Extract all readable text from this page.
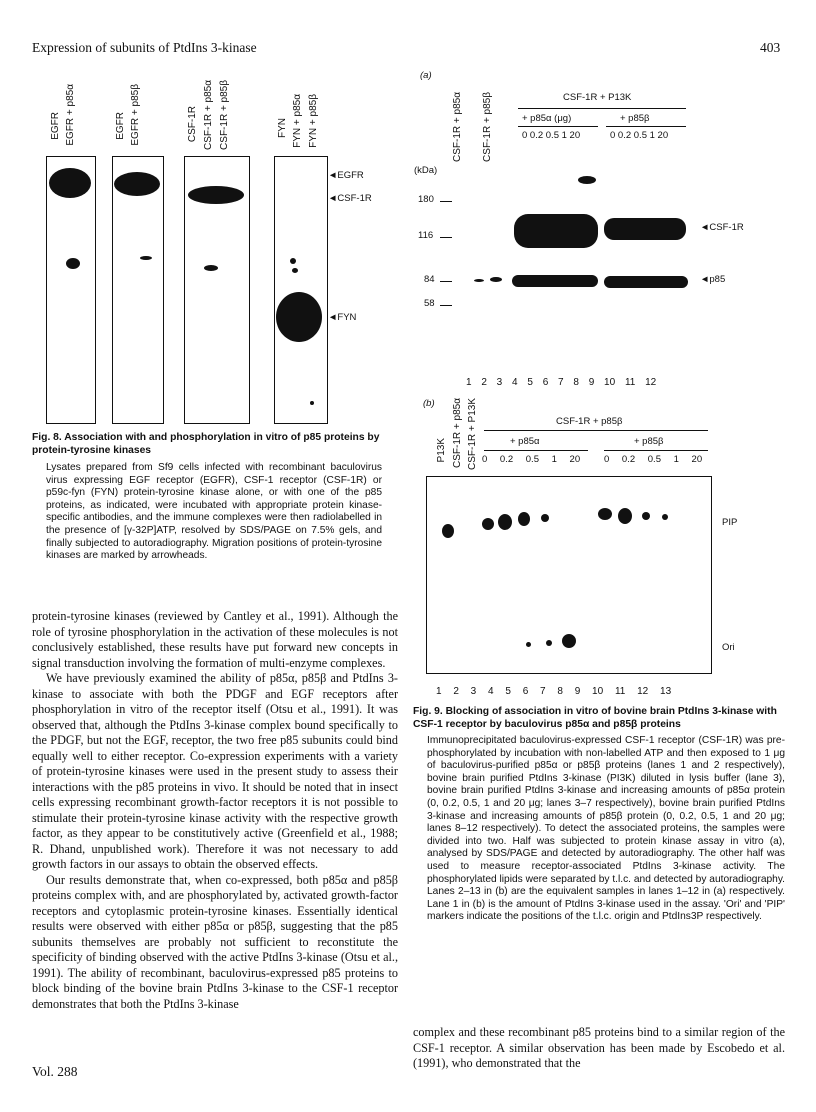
Expression of subunits of PtdIns 3-kinase	403
EGFR EGFR + p85α	EGFR EGFR + p85β	CSF-1R CSF-1R + p85α CSF-1R + p85β	FYN FYN + p85α FYN + p85β
◄EGFR
◄CSF-1R
◄FYN
Fig. 8. Association with and phosphorylation in vitro of p85 proteins by protein-tyrosine kinases
Lysates prepared from Sf9 cells infected with recombinant baculovirus virus expressing EGF receptor (EGFR), CSF-1 receptor (CSF-1R) or p59c-fyn (FYN) protein-tyrosine kinase alone, or with one of the p85 proteins, as indicated, were incubated with appropriate protein kinase-specific antibodies, and the immune complexes were then radiolabelled in the presence of [γ-32P]ATP, resolved by SDS/PAGE on 7.5% gels, and finally subjected to autoradiography. Migration positions of protein-tyrosine kinases are marked by arrowheads.

protein-tyrosine kinases (reviewed by Cantley et al., 1991). Although the role of tyrosine phosphorylation in the activation of these molecules is not conclusively established, these results have put forward new concepts in signal transduction involving the formation of multi-enzyme complexes.

We have previously examined the ability of p85α, p85β and PtdIns 3-kinase to associate with both the PDGF and EGF receptors after phosphorylation in vitro of the receptor itself (Otsu et al., 1991). It was observed that, although the PtdIns 3-kinase complex bound specifically to the PDGF, but not the EGF, receptor, the two free p85 subunits could bind equally well to either receptor. Co-expression experiments with a variety of protein-tyrosine kinases were used in the present study to assess their interactions with the p85 proteins in vivo. It should be noted that in insect cells expressing recombinant growth-factor receptors it is not possible to stimulate their protein-tyrosine kinase activity with the respective growth factor, as they appear to be constitutively active (Greenfield et al., 1988; R. Dhand, unpublished work). Therefore it was not necessary to add growth factors in our assays to obtain the observed effects.

Our results demonstrate that, when co-expressed, both p85α and p85β proteins complex with, and are phosphorylated by, activated growth-factor receptors and cytoplasmic protein-tyrosine kinases. Essentially identical results were observed with either p85α or p85β, suggesting that the p85 subunits themselves are probably not sufficient to reconstitute the specificity of binding observed with the active PtdIns 3-kinase (Otsu et al., 1991). The ability of recombinant, baculovirus-expressed p85 proteins to block binding of the bovine brain PtdIns 3-kinase to the CSF-1 receptor demonstrates that both the PtdIns 3-kinase

Vol. 288
(a)
CSF-1R + p85α CSF-1R + p85β	CSF-1R + P13K
+ p85α (μg)	+ p85β
0 0.2 0.5 1 20	0 0.2 0.5 1 20
(kDa)
180
116
84
58
◄CSF-1R
◄p85
1 2 3 4 5 6 7 8 9 10 11 12
(b)
P13K CSF-1R + p85α CSF-1R + P13K	CSF-1R + p85β
+ p85α	+ p85β
0 0.2 0.5 1 20	0 0.2 0.5 1 20
PIP
Ori
1 2 3 4 5 6 7 8 9 10 11 12 13
Fig. 9. Blocking of association in vitro of bovine brain PtdIns 3-kinase with CSF-1 receptor by baculovirus p85α and p85β proteins
Immunoprecipitated baculovirus-expressed CSF-1 receptor (CSF-1R) was pre-phosphorylated by incubation with non-labelled ATP and then exposed to 1 μg of baculovirus-purified p85α or p85β proteins (lanes 1 and 2 respectively), bovine brain purified PtdIns 3-kinase (PI3K) diluted in lysis buffer (lane 3), bovine brain purified PtdIns 3-kinase and increasing amounts of p85α protein (0, 0.2, 0.5, 1 and 20 μg; lanes 3–7 respectively), bovine brain purified PtdIns 3-kinase and increasing amounts of p85β protein (0, 0.2, 0.5, 1 and 20 μg; lanes 8–12 respectively). To detect the associated proteins, the samples were divided into two. Half was subjected to protein kinase assay in vitro (a), analysed by SDS/PAGE and detected by autoradiography. The other half was used to measure receptor-associated PtdIns 3-kinase activity. The phosphorylated lipids were separated by t.l.c. and detected by autoradiography. Lanes 2–13 in (b) are the equivalent samples in lanes 1–12 in (a) respectively. Lane 1 in (b) is the amount of PtdIns 3-kinase used in the assay. 'Ori' and 'PIP' markers indicate the positions of the t.l.c. origin and PtdIns3P respectively.
complex and these recombinant p85 proteins bind to a similar region of the CSF-1 receptor. A similar observation has been made by Escobedo et al. (1991), who demonstrated that the
